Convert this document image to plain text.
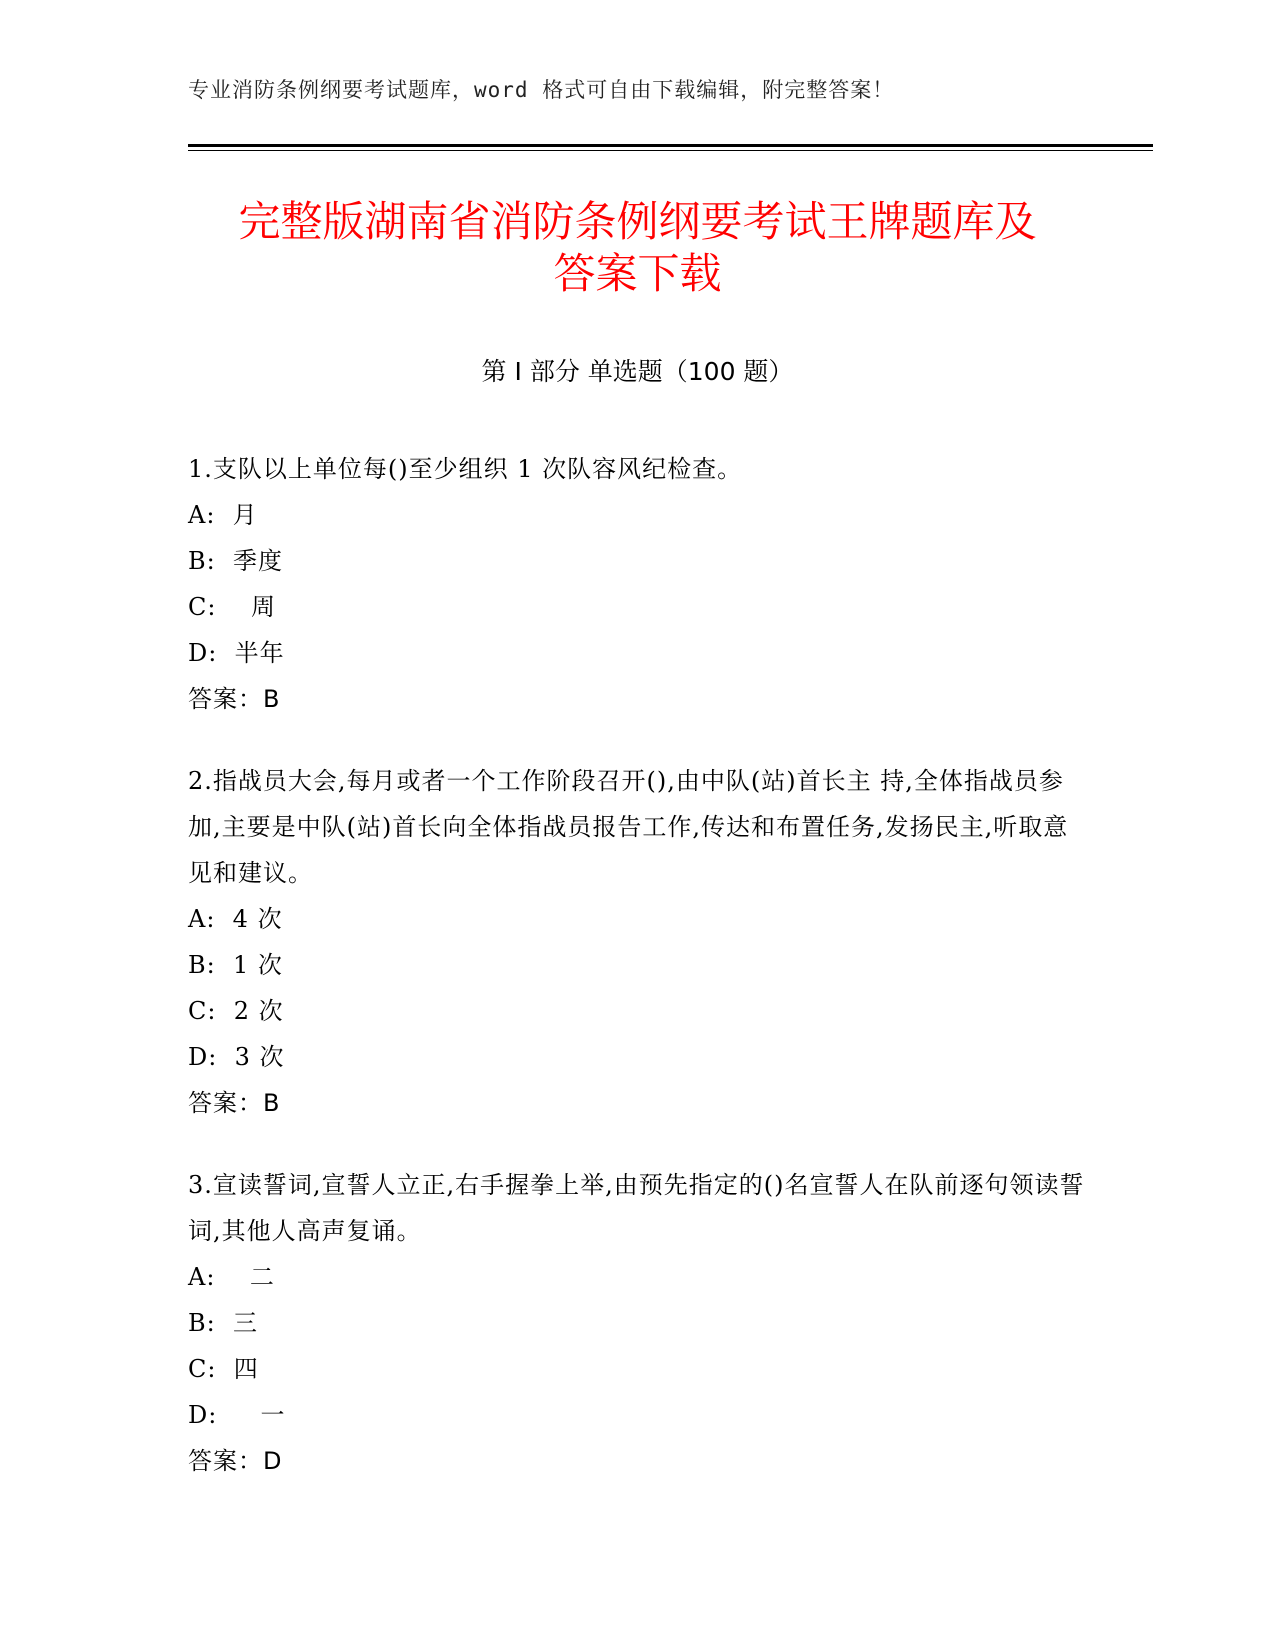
专业消防条例纲要考试题库，word 格式可自由下载编辑，附完整答案！
完整版湖南省消防条例纲要考试王牌题库及
答案下载
第 I 部分 单选题（100 题）

1.支队以上单位每()至少组织 1 次队容风纪检查。

A:  月

B:  季度

C:    周

D:  半年

答案：B

2.指战员大会,每月或者一个工作阶段召开(),由中队(站)首长主 持,全体指战员参加,主要是中队(站)首长向全体指战员报告工作,传达和布置任务,发扬民主,听取意见和建议。

A:  4 次

B:  1 次

C:  2 次

D:  3 次

答案：B

3.宣读誓词,宣誓人立正,右手握拳上举,由预先指定的()名宣誓人在队前逐句领读誓词,其他人高声复诵。

A:    二

B:  三

C:  四

D:     一

答案：D
